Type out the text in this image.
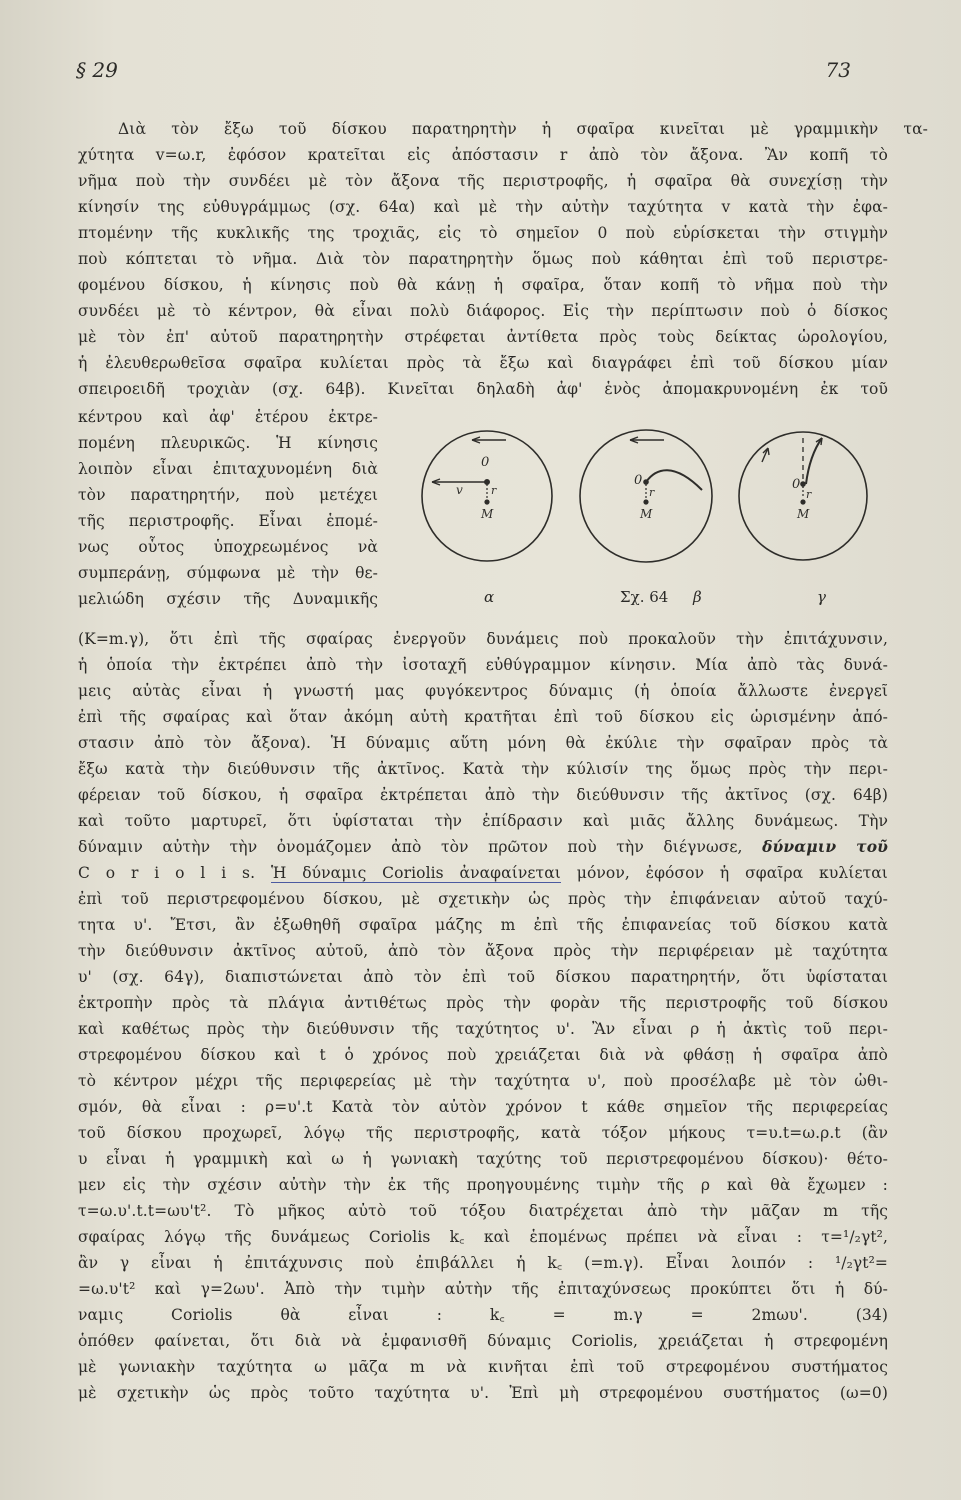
§ 29	73
Διὰ τὸν ἔξω τοῦ δίσκου παρατηρητὴν ἡ σφαῖρα κινεῖται μὲ γραμμικὴν τα-
χύτητα v=ω.r, ἐφόσον κρατεῖται εἰς ἀπόστασιν r ἀπὸ τὸν ἄξονα. Ἂν κοπῆ τὸ
νῆμα ποὺ τὴν συνδέει μὲ τὸν ἄξονα τῆς περιστροφῆς, ἡ σφαῖρα θὰ συνεχίσῃ τὴν
κίνησίν της εὐθυγράμμως (σχ. 64α) καὶ μὲ τὴν αὐτὴν ταχύτητα v κατὰ τὴν ἐφα-
πτομένην τῆς κυκλικῆς της τροχιᾶς, εἰς τὸ σημεῖον 0 ποὺ εὑρίσκεται τὴν στιγμὴν
ποὺ κόπτεται τὸ νῆμα. Διὰ τὸν παρατηρητὴν ὅμως ποὺ κάθηται ἐπὶ τοῦ περιστρε-
φομένου δίσκου, ἡ κίνησις ποὺ θὰ κάνῃ ἡ σφαῖρα, ὅταν κοπῆ τὸ νῆμα ποὺ τὴν
συνδέει μὲ τὸ κέντρον, θὰ εἶναι πολὺ διάφορος. Εἰς τὴν περίπτωσιν ποὺ ὁ δίσκος
μὲ τὸν ἐπ' αὐτοῦ παρατηρητὴν στρέφεται ἀντίθετα πρὸς τοὺς δείκτας ὡρολογίου,
ἡ ἐλευθερωθεῖσα σφαῖρα κυλίεται πρὸς τὰ ἔξω καὶ διαγράφει ἐπὶ τοῦ δίσκου μίαν
σπειροειδῆ τροχιὰν (σχ. 64β). Κινεῖται δηλαδὴ ἀφ' ἑνὸς ἀπομακρυνομένη ἐκ τοῦ
κέντρου καὶ ἀφ' ἑτέρου ἐκτρε-
πομένη πλευρικῶς. Ἡ κίνησις
λοιπὸν εἶναι ἐπιταχυνομένη διὰ
τὸν παρατηρητήν, ποὺ μετέχει
τῆς περιστροφῆς. Εἶναι ἑπομέ-
νως οὗτος ὑποχρεωμένος νὰ
συμπεράνῃ, σύμφωνα μὲ τὴν θε-
μελιώδη σχέσιν τῆς Δυναμικῆς
0
v	r
M
0
r
M
0
r
M
α	Σχ. 64 β	γ
(K=m.γ), ὅτι ἐπὶ τῆς σφαίρας ἐνεργοῦν δυνάμεις ποὺ προκαλοῦν τὴν ἐπιτάχυνσιν,
ἡ ὁποία τὴν ἐκτρέπει ἀπὸ τὴν ἰσοταχῆ εὐθύγραμμον κίνησιν. Μία ἀπὸ τὰς δυνά-
μεις αὐτὰς εἶναι ἡ γνωστή μας φυγόκεντρος δύναμις (ἡ ὁποία ἄλλωστε ἐνεργεῖ
ἐπὶ τῆς σφαίρας καὶ ὅταν ἀκόμη αὐτὴ κρατῆται ἐπὶ τοῦ δίσκου εἰς ὡρισμένην ἀπό-
στασιν ἀπὸ τὸν ἄξονα). Ἡ δύναμις αὕτη μόνη θὰ ἐκύλιε τὴν σφαῖραν πρὸς τὰ
ἔξω κατὰ τὴν διεύθυνσιν τῆς ἀκτῖνος. Κατὰ τὴν κύλισίν της ὅμως πρὸς τὴν περι-
φέρειαν τοῦ δίσκου, ἡ σφαῖρα ἐκτρέπεται ἀπὸ τὴν διεύθυνσιν τῆς ἀκτῖνος (σχ. 64β)
καὶ τοῦτο μαρτυρεῖ, ὅτι ὑφίσταται τὴν ἐπίδρασιν καὶ μιᾶς ἄλλης δυνάμεως. Τὴν
δύναμιν αὐτὴν τὴν ὀνομάζομεν ἀπὸ τὸν πρῶτον ποὺ τὴν διέγνωσε, δύναμιν τοῦ
C o r i o l i s. Ἡ δύναμις Coriolis ἀναφαίνεται μόνον, ἐφόσον ἡ σφαῖρα κυλίεται
ἐπὶ τοῦ περιστρεφομένου δίσκου, μὲ σχετικὴν ὡς πρὸς τὴν ἐπιφάνειαν αὐτοῦ ταχύ-
τητα υ'. Ἔτσι, ἂν ἐξωθηθῆ σφαῖρα μάζης m ἐπὶ τῆς ἐπιφανείας τοῦ δίσκου κατὰ
τὴν διεύθυνσιν ἀκτῖνος αὐτοῦ, ἀπὸ τὸν ἄξονα πρὸς τὴν περιφέρειαν μὲ ταχύτητα
υ' (σχ. 64γ), διαπιστώνεται ἀπὸ τὸν ἐπὶ τοῦ δίσκου παρατηρητήν, ὅτι ὑφίσταται
ἐκτροπὴν πρὸς τὰ πλάγια ἀντιθέτως πρὸς τὴν φορὰν τῆς περιστροφῆς τοῦ δίσκου
καὶ καθέτως πρὸς τὴν διεύθυνσιν τῆς ταχύτητος υ'. Ἂν εἶναι ρ ἡ ἀκτὶς τοῦ περι-
στρεφομένου δίσκου καὶ t ὁ χρόνος ποὺ χρειάζεται διὰ νὰ φθάσῃ ἡ σφαῖρα ἀπὸ
τὸ κέντρον μέχρι τῆς περιφερείας μὲ τὴν ταχύτητα υ', ποὺ προσέλαβε μὲ τὸν ὠθι-
σμόν, θὰ εἶναι : ρ=υ'.t Κατὰ τὸν αὐτὸν χρόνον t κάθε σημεῖον τῆς περιφερείας
τοῦ δίσκου προχωρεῖ, λόγῳ τῆς περιστροφῆς, κατὰ τόξον μήκους τ=υ.t=ω.ρ.t (ἂν
υ εἶναι ἡ γραμμικὴ καὶ ω ἡ γωνιακὴ ταχύτης τοῦ περιστρεφομένου δίσκου)· θέτο-
μεν εἰς τὴν σχέσιν αὐτὴν τὴν ἐκ τῆς προηγουμένης τιμὴν τῆς ρ καὶ θὰ ἔχωμεν :
τ=ω.υ'.t.t=ωυ't². Τὸ μῆκος αὐτὸ τοῦ τόξου διατρέχεται ἀπὸ τὴν μᾶζαν m τῆς
σφαίρας λόγῳ τῆς δυνάμεως Coriolis k꜀ καὶ ἑπομένως πρέπει νὰ εἶναι : τ=¹/₂γt²,
ἂν γ εἶναι ἡ ἐπιτάχυνσις ποὺ ἐπιβάλλει ἡ k꜀ (=m.γ). Εἶναι λοιπόν : ¹/₂γt²=
=ω.υ't² καὶ γ=2ωυ'. Ἀπὸ τὴν τιμὴν αὐτὴν τῆς ἐπιταχύνσεως προκύπτει ὅτι ἡ δύ-
ναμις Coriolis θὰ εἶναι : k꜀ = m.γ = 2mωυ'.	(34)
ὁπόθεν φαίνεται, ὅτι διὰ νὰ ἐμφανισθῆ δύναμις Coriolis, χρειάζεται ἡ στρεφομένη
μὲ γωνιακὴν ταχύτητα ω μᾶζα m νὰ κινῆται ἐπὶ τοῦ στρεφομένου συστήματος
μὲ σχετικὴν ὡς πρὸς τοῦτο ταχύτητα υ'. Ἐπὶ μὴ στρεφομένου συστήματος (ω=0)
